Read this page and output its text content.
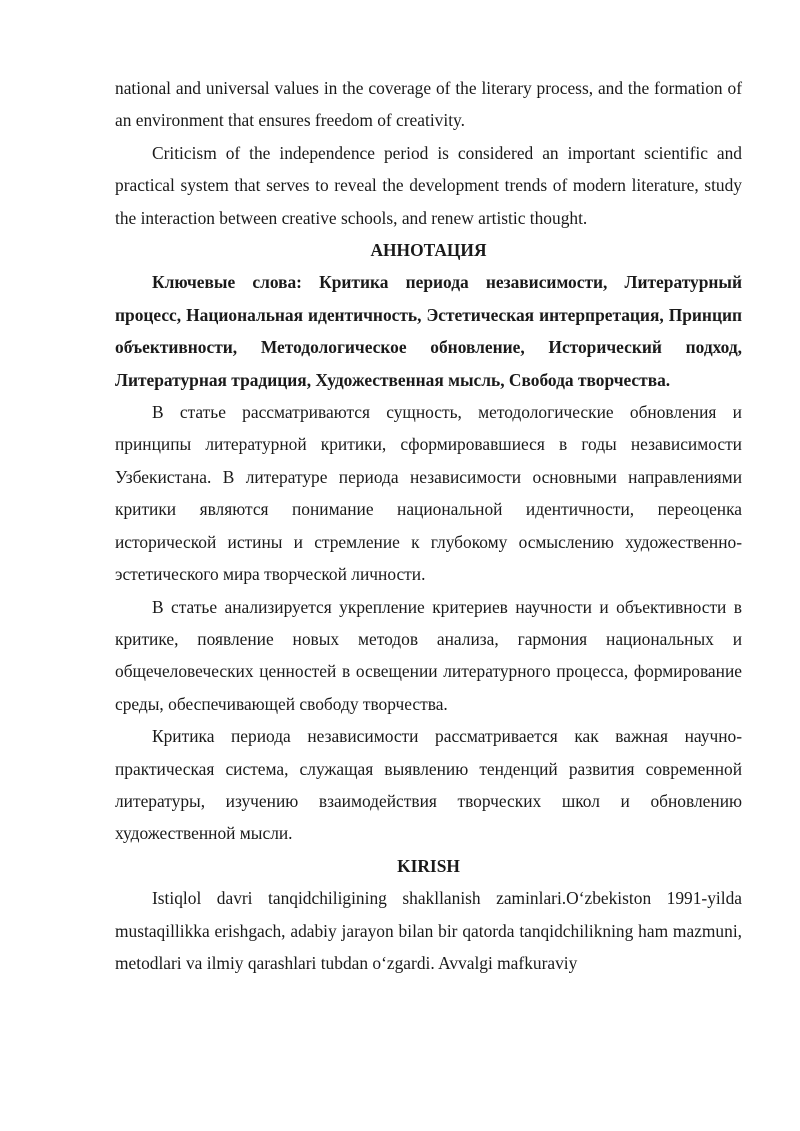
national and universal values in the coverage of the literary process, and the formation of an environment that ensures freedom of creativity.

Criticism of the independence period is considered an important scientific and practical system that serves to reveal the development trends of modern literature, study the interaction between creative schools, and renew artistic thought.

АННОТАЦИЯ

Ключевые слова: Критика периода независимости, Литературный процесс, Национальная идентичность, Эстетическая интерпретация, Принцип объективности, Методологическое обновление, Исторический подход, Литературная традиция, Художественная мысль, Свобода творчества.

В статье рассматриваются сущность, методологические обновления и принципы литературной критики, сформировавшиеся в годы независимости Узбекистана. В литературе периода независимости основными направлениями критики являются понимание национальной идентичности, переоценка исторической истины и стремление к глубокому осмыслению художественно-эстетического мира творческой личности.

В статье анализируется укрепление критериев научности и объективности в критике, появление новых методов анализа, гармония национальных и общечеловеческих ценностей в освещении литературного процесса, формирование среды, обеспечивающей свободу творчества.

Критика периода независимости рассматривается как важная научно-практическая система, служащая выявлению тенденций развития современной литературы, изучению взаимодействия творческих школ и обновлению художественной мысли.

KIRISH

Istiqlol davri tanqidchiligining shakllanish zaminlari.O‘zbekiston 1991-yilda mustaqillikka erishgach, adabiy jarayon bilan bir qatorda tanqidchilikning ham mazmuni, metodlari va ilmiy qarashlari tubdan o‘zgardi. Avvalgi mafkuraviy
